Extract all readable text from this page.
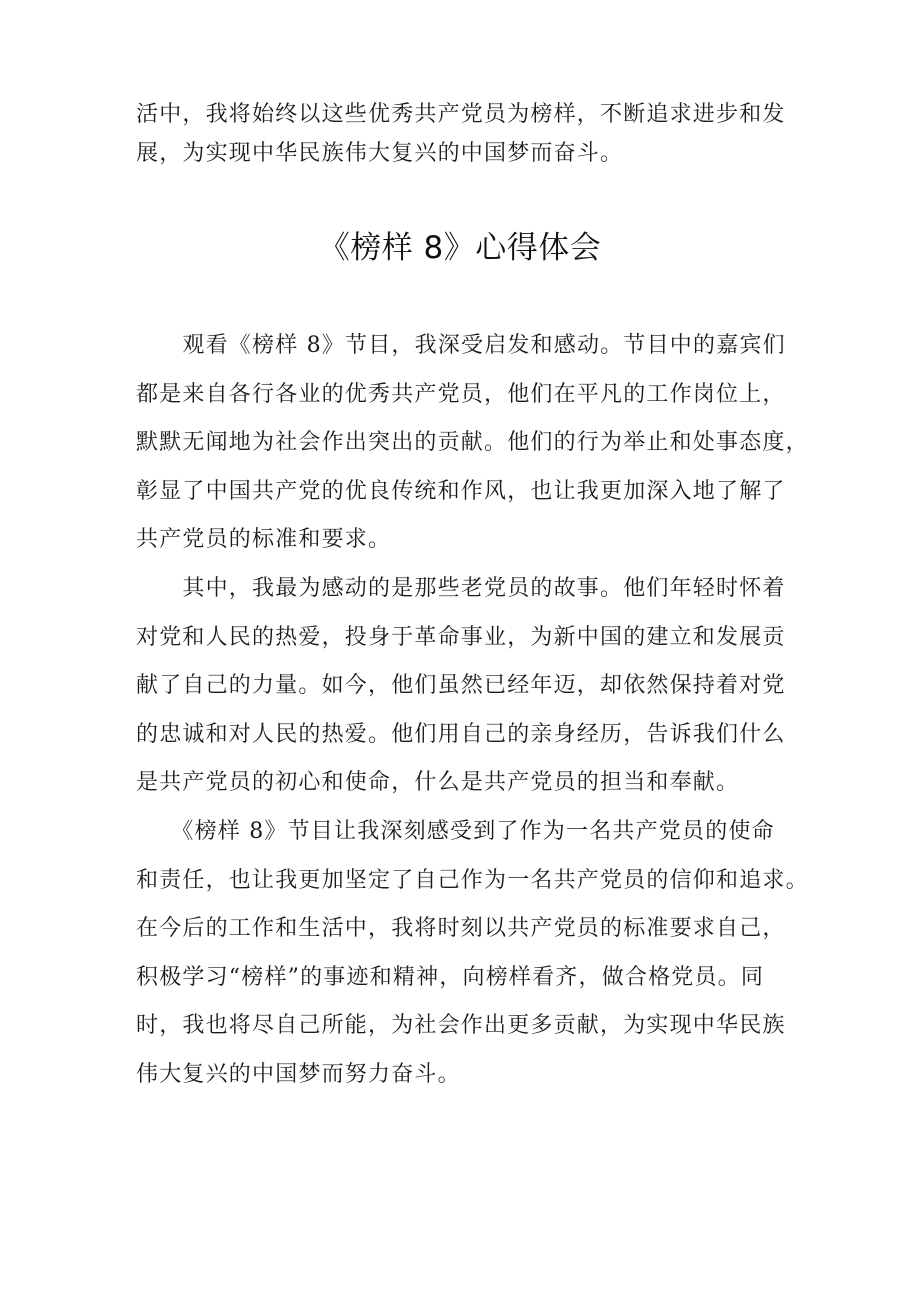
活中，我将始终以这些优秀共产党员为榜样，不断追求进步和发
展，为实现中华民族伟大复兴的中国梦而奋斗。
《榜样 8》心得体会
　　观看《榜样 8》节目，我深受启发和感动。节目中的嘉宾们
都是来自各行各业的优秀共产党员，他们在平凡的工作岗位上，
默默无闻地为社会作出突出的贡献。他们的行为举止和处事态度，
彰显了中国共产党的优良传统和作风，也让我更加深入地了解了
共产党员的标准和要求。
　　其中，我最为感动的是那些老党员的故事。他们年轻时怀着
对党和人民的热爱，投身于革命事业，为新中国的建立和发展贡
献了自己的力量。如今，他们虽然已经年迈，却依然保持着对党
的忠诚和对人民的热爱。他们用自己的亲身经历，告诉我们什么
是共产党员的初心和使命，什么是共产党员的担当和奉献。
　　《榜样 8》节目让我深刻感受到了作为一名共产党员的使命
和责任，也让我更加坚定了自己作为一名共产党员的信仰和追求。
在今后的工作和生活中，我将时刻以共产党员的标准要求自己，
积极学习“榜样”的事迹和精神，向榜样看齐，做合格党员。同
时，我也将尽自己所能，为社会作出更多贡献，为实现中华民族
伟大复兴的中国梦而努力奋斗。
